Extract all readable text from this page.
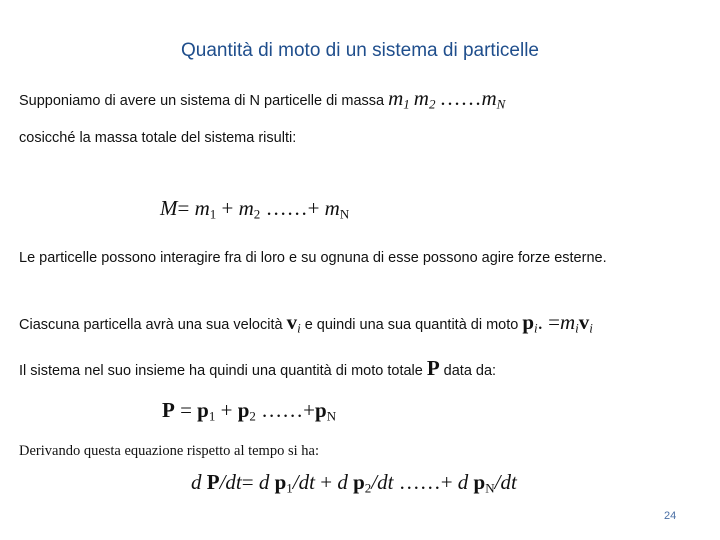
Quantità di moto di un sistema di particelle
Supponiamo di avere un sistema di N particelle di massa $m_1$ $m_2$ $\dots\dots m_N$
cosicché la massa totale del sistema risulti:
$M= m_1 + m_2$ ……+ $m_N$
Le particelle possono interagire fra di loro e su ognuna di esse possono agire forze esterne.
Ciascuna particella avrà una sua velocità $v_i$ e quindi una sua quantità di moto $p_i$. $=m_iv_i$
Il sistema nel suo insieme ha quindi una quantità di moto totale P data da:
$P = p_1 + p_2$ $\dots\dots+p_N$
Derivando questa equazione rispetto al tempo si ha:
d P/dt= d $p_1/dt + d$ $p_2/dt$ ……+ d $p_N/dt$
24
